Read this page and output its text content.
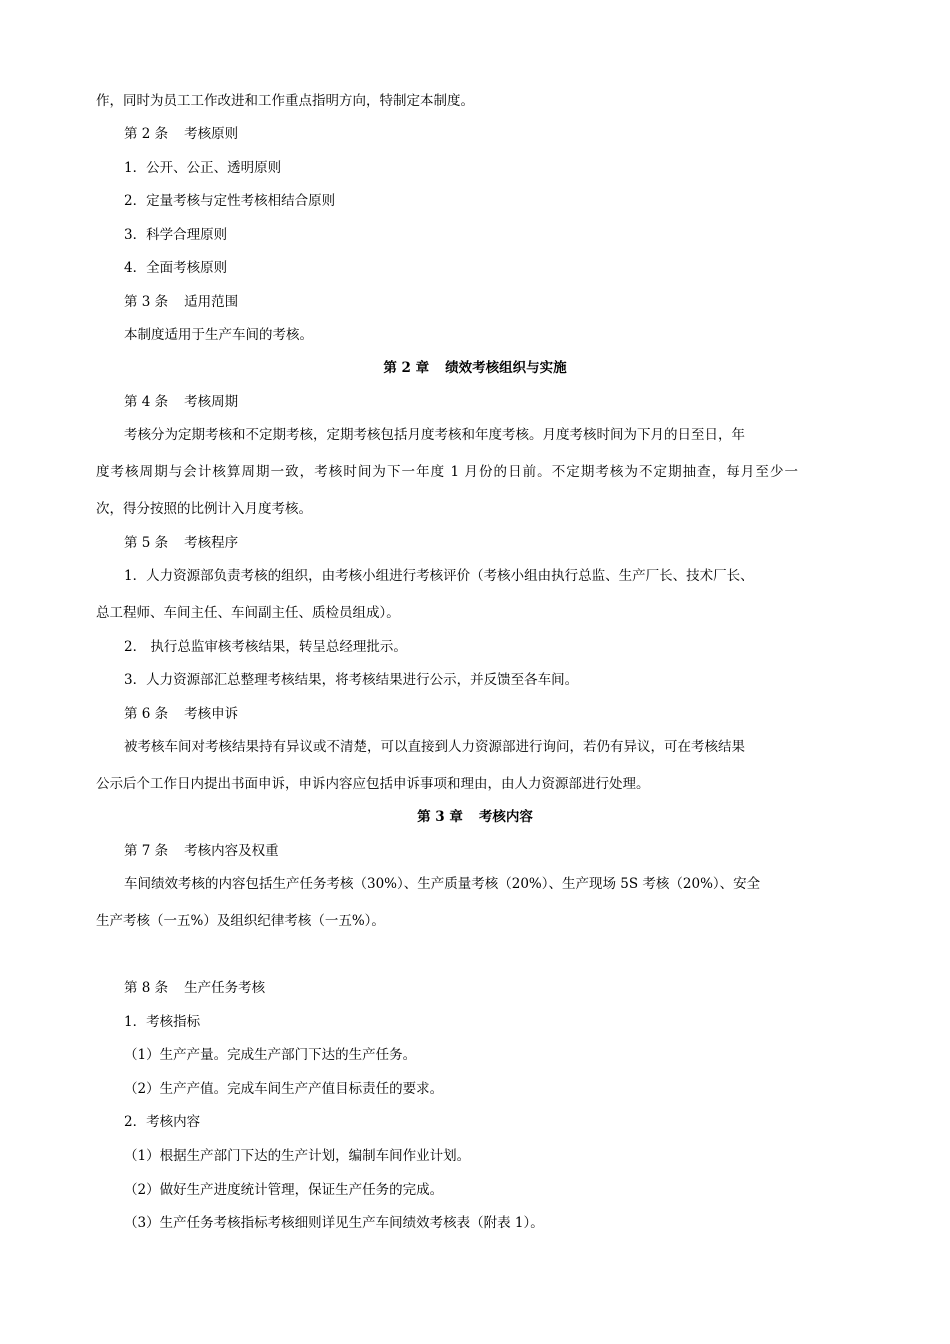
作，同时为员工工作改进和工作重点指明方向，特制定本制度。
第 2 条 考核原则
1．公开、公正、透明原则
2．定量考核与定性考核相结合原则
3．科学合理原则
4．全面考核原则
第 3 条 适用范围
本制度适用于生产车间的考核。
第 2 章 绩效考核组织与实施
第 4 条 考核周期
考核分为定期考核和不定期考核，定期考核包括月度考核和年度考核。月度考核时间为下月的日至日，年
度考核周期与会计核算周期一致，考核时间为下一年度 1 月份的日前。不定期考核为不定期抽查，每月至少一
次，得分按照的比例计入月度考核。
第 5 条 考核程序
1．人力资源部负责考核的组织，由考核小组进行考核评价（考核小组由执行总监、生产厂长、技术厂长、
总工程师、车间主任、车间副主任、质检员组成）。
2． 执行总监审核考核结果，转呈总经理批示。
3．人力资源部汇总整理考核结果，将考核结果进行公示，并反馈至各车间。
第 6 条 考核申诉
被考核车间对考核结果持有异议或不清楚，可以直接到人力资源部进行询问，若仍有异议，可在考核结果
公示后个工作日内提出书面申诉，申诉内容应包括申诉事项和理由，由人力资源部进行处理。
第 3 章 考核内容
第 7 条 考核内容及权重
车间绩效考核的内容包括生产任务考核（30%）、生产质量考核（20%）、生产现场 5S 考核（20%）、安全
生产考核（一五%）及组织纪律考核（一五%）。
第 8 条 生产任务考核
1．考核指标
（1）生产产量。完成生产部门下达的生产任务。
（2）生产产值。完成车间生产产值目标责任的要求。
2．考核内容
（1）根据生产部门下达的生产计划，编制车间作业计划。
（2）做好生产进度统计管理，保证生产任务的完成。
（3）生产任务考核指标考核细则详见生产车间绩效考核表（附表 1）。
